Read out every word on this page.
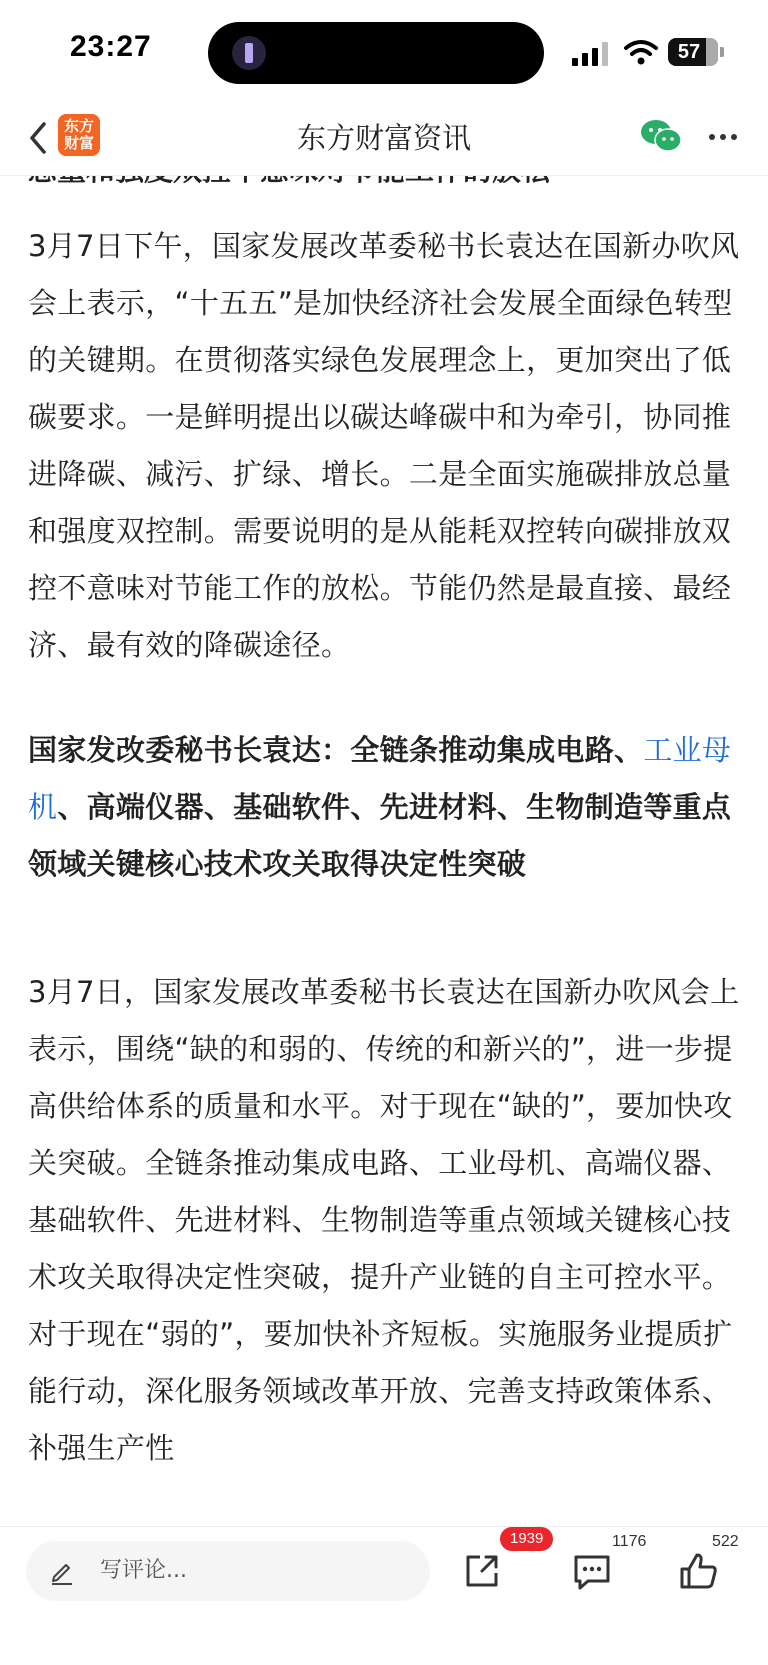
23:27	57
东方
财富	东方财富资讯

3月7日下午，国家发展改革委秘书长袁达在国新办吹风会上表示，“十五五”是加快经济社会发展全面绿色转型的关键期。在贯彻落实绿色发展理念上，更加突出了低碳要求。一是鲜明提出以碳达峰碳中和为牵引，协同推进降碳、减污、扩绿、增长。二是全面实施碳排放总量和强度双控制。需要说明的是从能耗双控转向碳排放双控不意味对节能工作的放松。节能仍然是最直接、最经济、最有效的降碳途径。

国家发改委秘书长袁达：全链条推动集成电路、工业母机、高端仪器、基础软件、先进材料、生物制造等重点领域关键核心技术攻关取得决定性突破

3月7日，国家发展改革委秘书长袁达在国新办吹风会上表示，围绕“缺的和弱的、传统的和新兴的”，进一步提高供给体系的质量和水平。对于现在“缺的”，要加快攻关突破。全链条推动集成电路、工业母机、高端仪器、基础软件、先进材料、生物制造等重点领域关键核心技术攻关取得决定性突破，提升产业链的自主可控水平。对于现在“弱的”，要加快补齐短板。实施服务业提质扩能行动，深化服务领域改革开放、完善支持政策体系、补强生产性

写评论...
1939	1176	522
